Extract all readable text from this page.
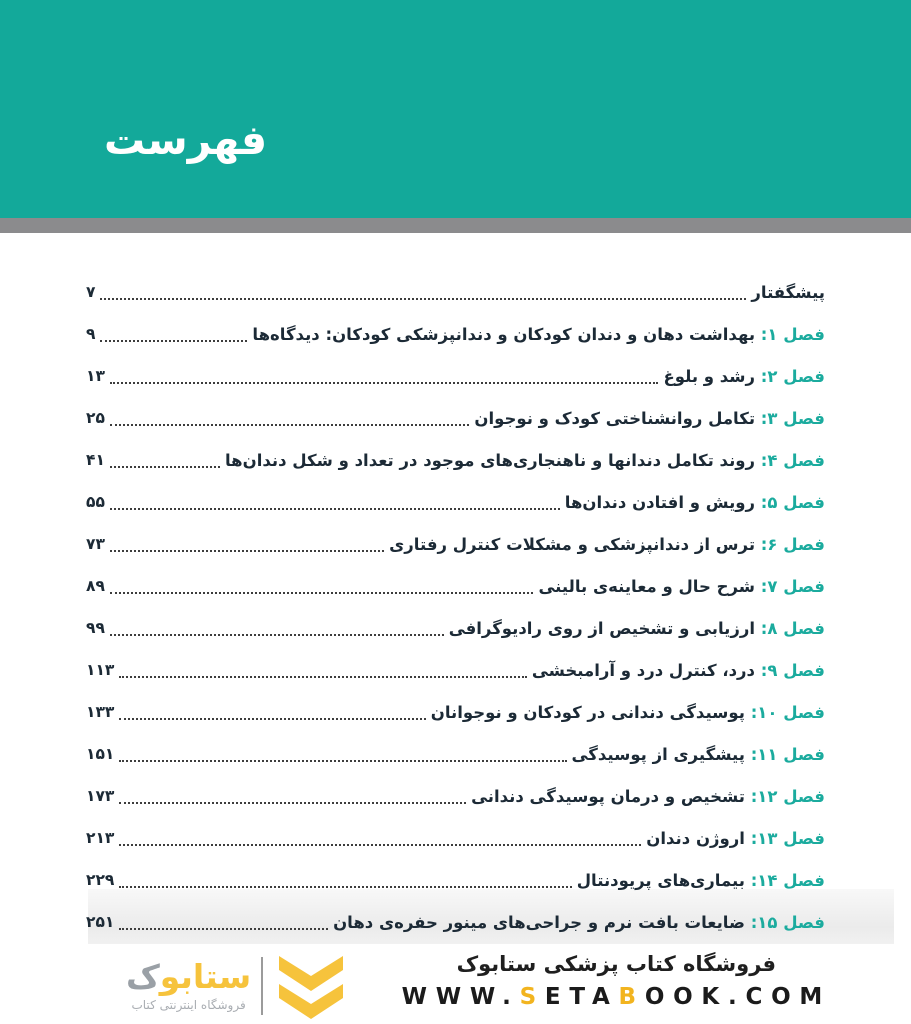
فهرست
پیشگفتار
۷
فصل ۱: بهداشت دهان و دندان کودکان و دندانپزشکی کودکان: دیدگاه‌ها
۹
فصل ۲: رشد و بلوغ
۱۳
فصل ۳: تکامل روانشناختی کودک و نوجوان
۲۵
فصل ۴: روند تکامل دندانها و ناهنجاری‌های موجود در تعداد و شکل دندان‌ها
۴۱
فصل ۵: رویش و افتادن دندان‌ها
۵۵
فصل ۶: ترس از دندانپزشکی و مشکلات کنترل رفتاری
۷۳
فصل ۷: شرح حال و معاینه‌ی بالینی
۸۹
فصل ۸: ارزیابی و تشخیص از روی رادیوگرافی
۹۹
فصل ۹: درد، کنترل درد و آرامبخشی
۱۱۳
فصل ۱۰: پوسیدگی دندانی در کودکان و نوجوانان
۱۳۳
فصل ۱۱: پیشگیری از پوسیدگی
۱۵۱
فصل ۱۲: تشخیص و درمان پوسیدگی دندانی
۱۷۳
فصل ۱۳: اروژن دندان
۲۱۳
فصل ۱۴: بیماری‌های پریودنتال
۲۲۹
فصل ۱۵: ضایعات بافت نرم و جراحی‌های مینور حفره‌ی دهان
۲۵۱
فروشگاه کتاب پزشکی ستابوک
WWW.SETABOOK.COM
ستابوک
فروشگاه اینترنتی کتاب
